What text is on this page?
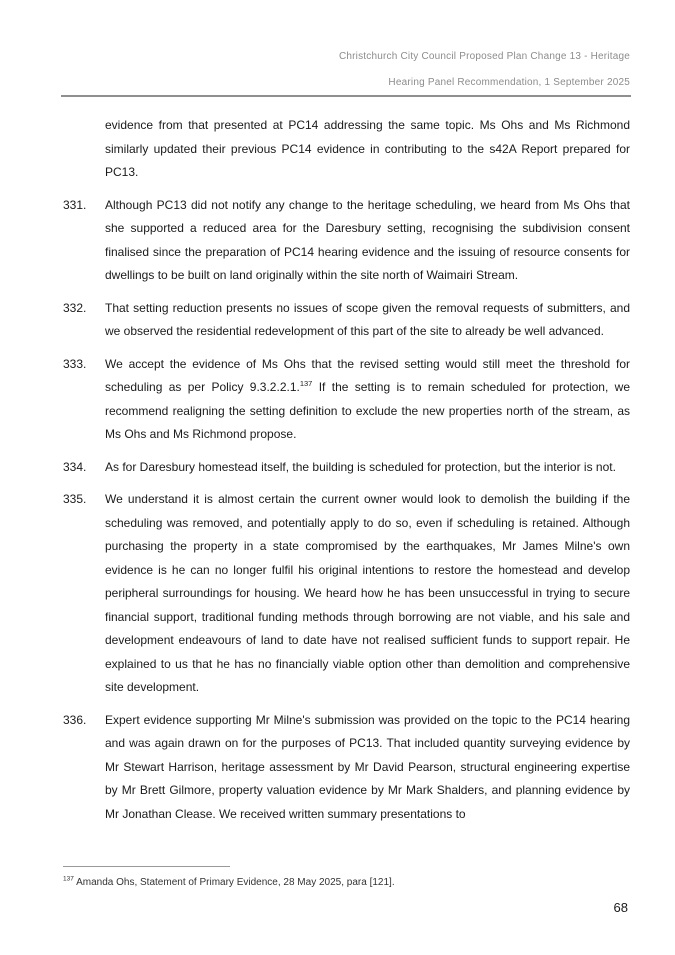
Christchurch City Council Proposed Plan Change 13 - Heritage
Hearing Panel Recommendation, 1 September 2025

evidence from that presented at PC14 addressing the same topic. Ms Ohs and Ms Richmond similarly updated their previous PC14 evidence in contributing to the s42A Report prepared for PC13.

331.	Although PC13 did not notify any change to the heritage scheduling, we heard from Ms Ohs that she supported a reduced area for the Daresbury setting, recognising the subdivision consent finalised since the preparation of PC14 hearing evidence and the issuing of resource consents for dwellings to be built on land originally within the site north of Waimairi Stream.

332.	That setting reduction presents no issues of scope given the removal requests of submitters, and we observed the residential redevelopment of this part of the site to already be well advanced.

333.	We accept the evidence of Ms Ohs that the revised setting would still meet the threshold for scheduling as per Policy 9.3.2.2.1.$^{137}$ If the setting is to remain scheduled for protection, we recommend realigning the setting definition to exclude the new properties north of the stream, as Ms Ohs and Ms Richmond propose.

334.	As for Daresbury homestead itself, the building is scheduled for protection, but the interior is not.

335.	We understand it is almost certain the current owner would look to demolish the building if the scheduling was removed, and potentially apply to do so, even if scheduling is retained. Although purchasing the property in a state compromised by the earthquakes, Mr James Milne's own evidence is he can no longer fulfil his original intentions to restore the homestead and develop peripheral surroundings for housing. We heard how he has been unsuccessful in trying to secure financial support, traditional funding methods through borrowing are not viable, and his sale and development endeavours of land to date have not realised sufficient funds to support repair. He explained to us that he has no financially viable option other than demolition and comprehensive site development.

336.	Expert evidence supporting Mr Milne's submission was provided on the topic to the PC14 hearing and was again drawn on for the purposes of PC13. That included quantity surveying evidence by Mr Stewart Harrison, heritage assessment by Mr David Pearson, structural engineering expertise by Mr Brett Gilmore, property valuation evidence by Mr Mark Shalders, and planning evidence by Mr Jonathan Clease. We received written summary presentations to

$^{137}$ Amanda Ohs, Statement of Primary Evidence, 28 May 2025, para [121].

68
